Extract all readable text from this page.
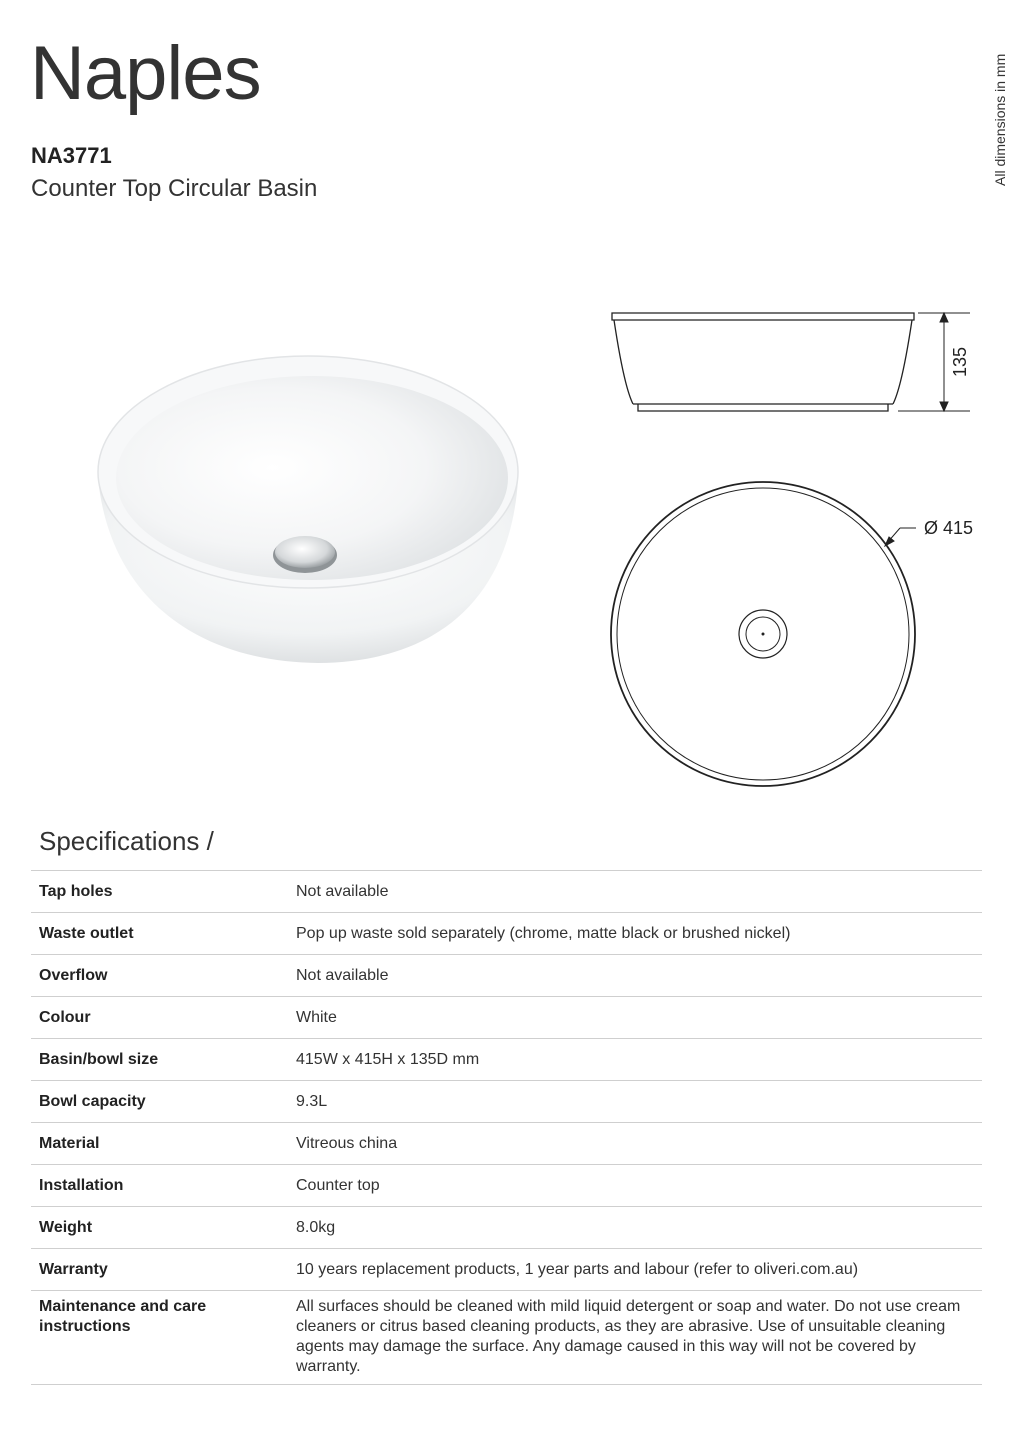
Naples
NA3771
Counter Top Circular Basin
All dimensions in mm
135
Ø 415
Specifications /
Tap holes	Not available
Waste outlet	Pop up waste sold separately (chrome, matte black or brushed nickel)
Overflow	Not available
Colour	White
Basin/bowl size	415W x 415H x 135D mm
Bowl capacity	9.3L
Material	Vitreous china
Installation	Counter top
Weight	8.0kg
Warranty	10 years replacement products, 1 year parts and labour (refer to oliveri.com.au)
Maintenance and care instructions	All surfaces should be cleaned with mild liquid detergent or soap and water. Do not use cream cleaners or citrus based cleaning products, as they are abrasive. Use of unsuitable cleaning agents may damage the surface. Any damage caused in this way will not be covered by warranty.
